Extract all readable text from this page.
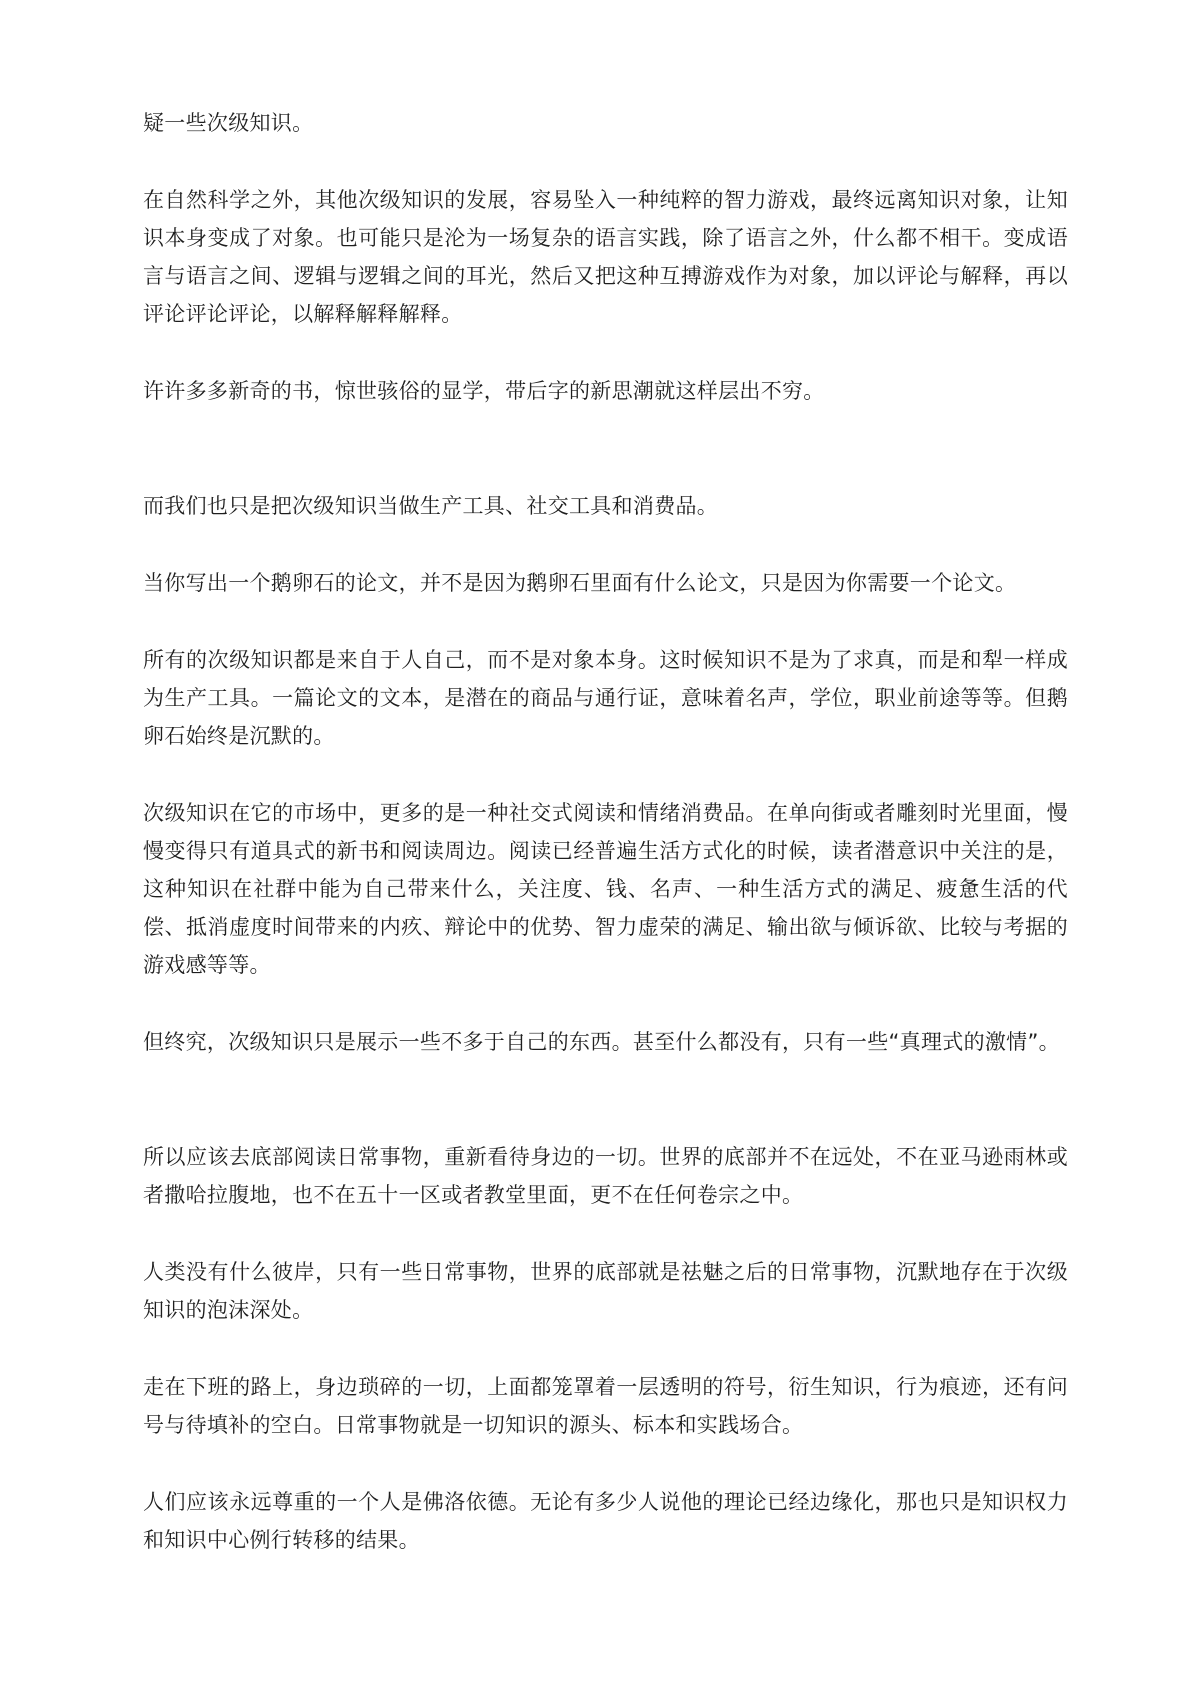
疑一些次级知识。

在自然科学之外，其他次级知识的发展，容易坠入一种纯粹的智力游戏，最终远离知识对象，让知识本身变成了对象。也可能只是沦为一场复杂的语言实践，除了语言之外，什么都不相干。变成语言与语言之间、逻辑与逻辑之间的耳光，然后又把这种互搏游戏作为对象，加以评论与解释，再以评论评论评论，以解释解释解释。

许许多多新奇的书，惊世骇俗的显学，带后字的新思潮就这样层出不穷。

而我们也只是把次级知识当做生产工具、社交工具和消费品。

当你写出一个鹅卵石的论文，并不是因为鹅卵石里面有什么论文，只是因为你需要一个论文。

所有的次级知识都是来自于人自己，而不是对象本身。这时候知识不是为了求真，而是和犁一样成为生产工具。一篇论文的文本，是潜在的商品与通行证，意味着名声，学位，职业前途等等。但鹅卵石始终是沉默的。

次级知识在它的市场中，更多的是一种社交式阅读和情绪消费品。在单向街或者雕刻时光里面，慢慢变得只有道具式的新书和阅读周边。阅读已经普遍生活方式化的时候，读者潜意识中关注的是，这种知识在社群中能为自己带来什么，关注度、钱、名声、一种生活方式的满足、疲惫生活的代偿、抵消虚度时间带来的内疚、辩论中的优势、智力虚荣的满足、输出欲与倾诉欲、比较与考据的游戏感等等。

但终究，次级知识只是展示一些不多于自己的东西。甚至什么都没有，只有一些“真理式的激情”。

所以应该去底部阅读日常事物，重新看待身边的一切。世界的底部并不在远处，不在亚马逊雨林或者撒哈拉腹地，也不在五十一区或者教堂里面，更不在任何卷宗之中。

人类没有什么彼岸，只有一些日常事物，世界的底部就是祛魅之后的日常事物，沉默地存在于次级知识的泡沫深处。

走在下班的路上，身边琐碎的一切，上面都笼罩着一层透明的符号，衍生知识，行为痕迹，还有问号与待填补的空白。日常事物就是一切知识的源头、标本和实践场合。

人们应该永远尊重的一个人是佛洛依德。无论有多少人说他的理论已经边缘化，那也只是知识权力和知识中心例行转移的结果。
